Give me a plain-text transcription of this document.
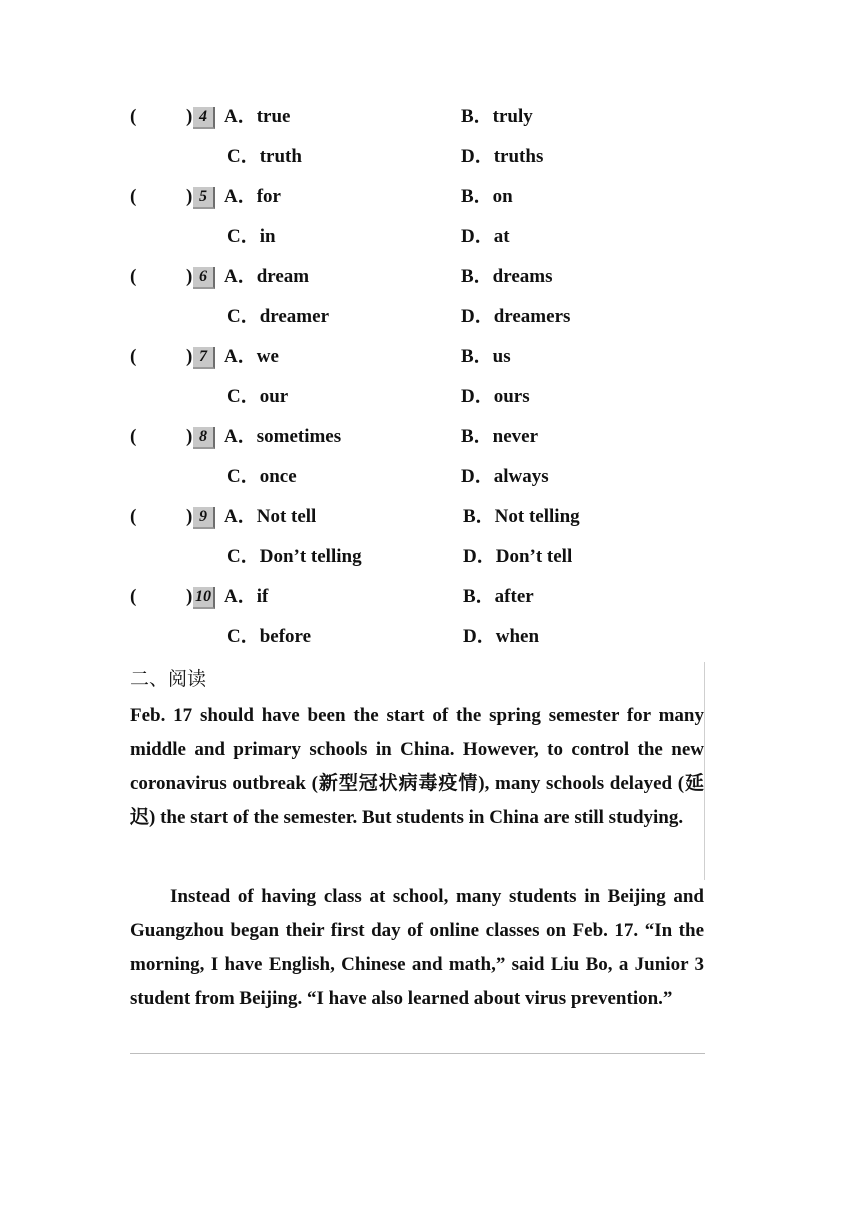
(	) 4 A．true	B．truly
C．truth	D．truths
(	) 5 A．for	B．on
C．in	D．at
(	) 6 A．dream	B．dreams
C．dreamer	D．dreamers
(	) 7 A．we	B．us
C．our	D．ours
(	) 8 A．sometimes	B．never
C．once	D．always
(	) 9 A．Not tell	B．Not telling
C．Don’t telling	D．Don’t tell
(	) 10 A．if	B．after
C．before	D．when
二、阅读
Feb. 17 should have been the start of the spring semester for many middle and primary schools in China. However, to control the new coronavirus outbreak (新型冠状病毒疫情), many schools delayed (延迟) the start of the semester. But students in China are still studying.
Instead of having class at school, many students in Beijing and Guangzhou began their first day of online classes on Feb. 17. “In the morning, I have English, Chinese and math,” said Liu Bo, a Junior 3 student from Beijing. “I have also learned about virus prevention.”
